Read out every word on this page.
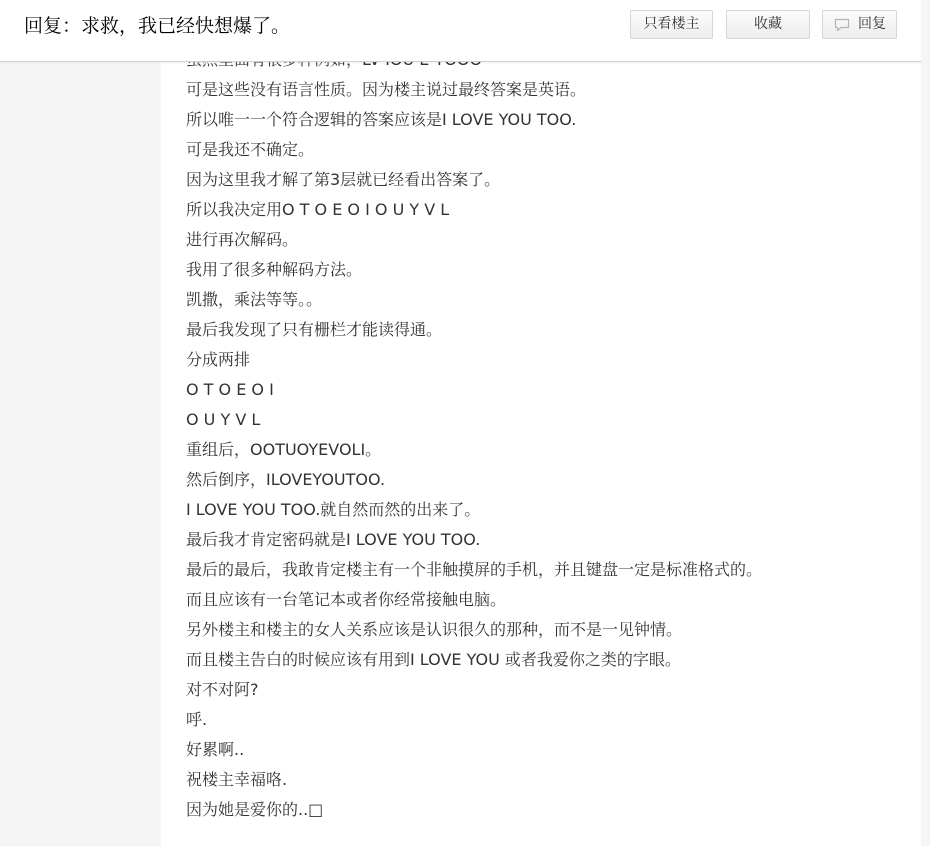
可是这些没有语言性质。因为楼主说过最终答案是英语。
所以唯一一个符合逻辑的答案应该是I LOVE YOU TOO.
可是我还不确定。
因为这里我才解了第3层就已经看出答案了。
所以我决定用O T O E O I O U Y V L
进行再次解码。
我用了很多种解码方法。
凯撒，乘法等等。。
最后我发现了只有栅栏才能读得通。
分成两排
O T O E O I
O U Y V L
重组后，OOTUOYEVOLI。
然后倒序，ILOVEYOUTOO.
I LOVE YOU TOO.就自然而然的出来了。
最后我才肯定密码就是I LOVE YOU TOO.
最后的最后，我敢肯定楼主有一个非触摸屏的手机，并且键盘一定是标准格式的。
而且应该有一台笔记本或者你经常接触电脑。
另外楼主和楼主的女人关系应该是认识很久的那种，而不是一见钟情。
而且楼主告白的时候应该有用到I LOVE YOU 或者我爱你之类的字眼。
对不对阿?
呼.
好累啊..
祝楼主幸福咯.
因为她是爱你的..□
回复：求救，我已经快想爆了。	只看楼主	收藏	回复
